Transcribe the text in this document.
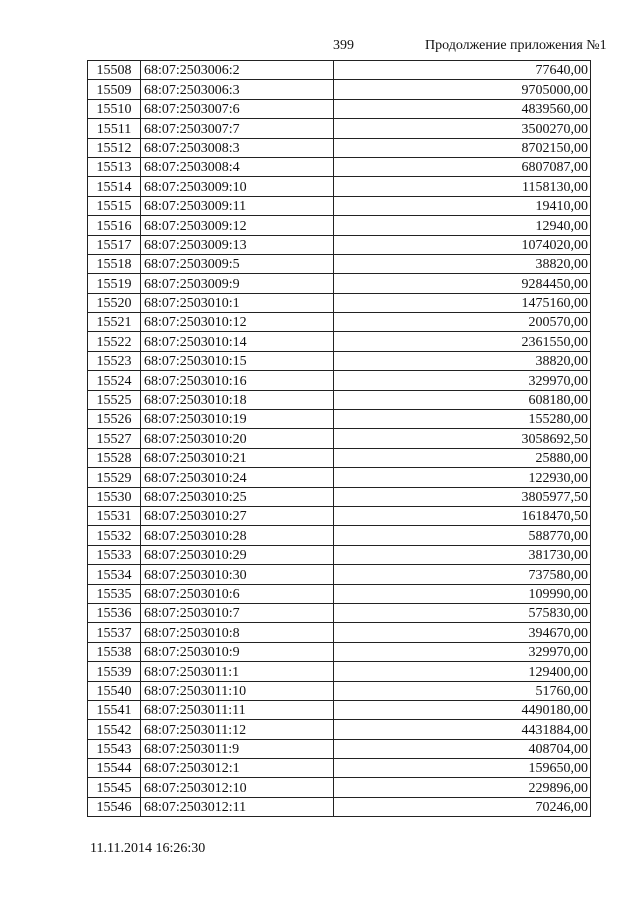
399	Продолжение приложения №1
15508	68:07:2503006:2	77640,00
15509	68:07:2503006:3	9705000,00
15510	68:07:2503007:6	4839560,00
15511	68:07:2503007:7	3500270,00
15512	68:07:2503008:3	8702150,00
15513	68:07:2503008:4	6807087,00
15514	68:07:2503009:10	1158130,00
15515	68:07:2503009:11	19410,00
15516	68:07:2503009:12	12940,00
15517	68:07:2503009:13	1074020,00
15518	68:07:2503009:5	38820,00
15519	68:07:2503009:9	9284450,00
15520	68:07:2503010:1	1475160,00
15521	68:07:2503010:12	200570,00
15522	68:07:2503010:14	2361550,00
15523	68:07:2503010:15	38820,00
15524	68:07:2503010:16	329970,00
15525	68:07:2503010:18	608180,00
15526	68:07:2503010:19	155280,00
15527	68:07:2503010:20	3058692,50
15528	68:07:2503010:21	25880,00
15529	68:07:2503010:24	122930,00
15530	68:07:2503010:25	3805977,50
15531	68:07:2503010:27	1618470,50
15532	68:07:2503010:28	588770,00
15533	68:07:2503010:29	381730,00
15534	68:07:2503010:30	737580,00
15535	68:07:2503010:6	109990,00
15536	68:07:2503010:7	575830,00
15537	68:07:2503010:8	394670,00
15538	68:07:2503010:9	329970,00
15539	68:07:2503011:1	129400,00
15540	68:07:2503011:10	51760,00
15541	68:07:2503011:11	4490180,00
15542	68:07:2503011:12	4431884,00
15543	68:07:2503011:9	408704,00
15544	68:07:2503012:1	159650,00
15545	68:07:2503012:10	229896,00
15546	68:07:2503012:11	70246,00
11.11.2014 16:26:30
